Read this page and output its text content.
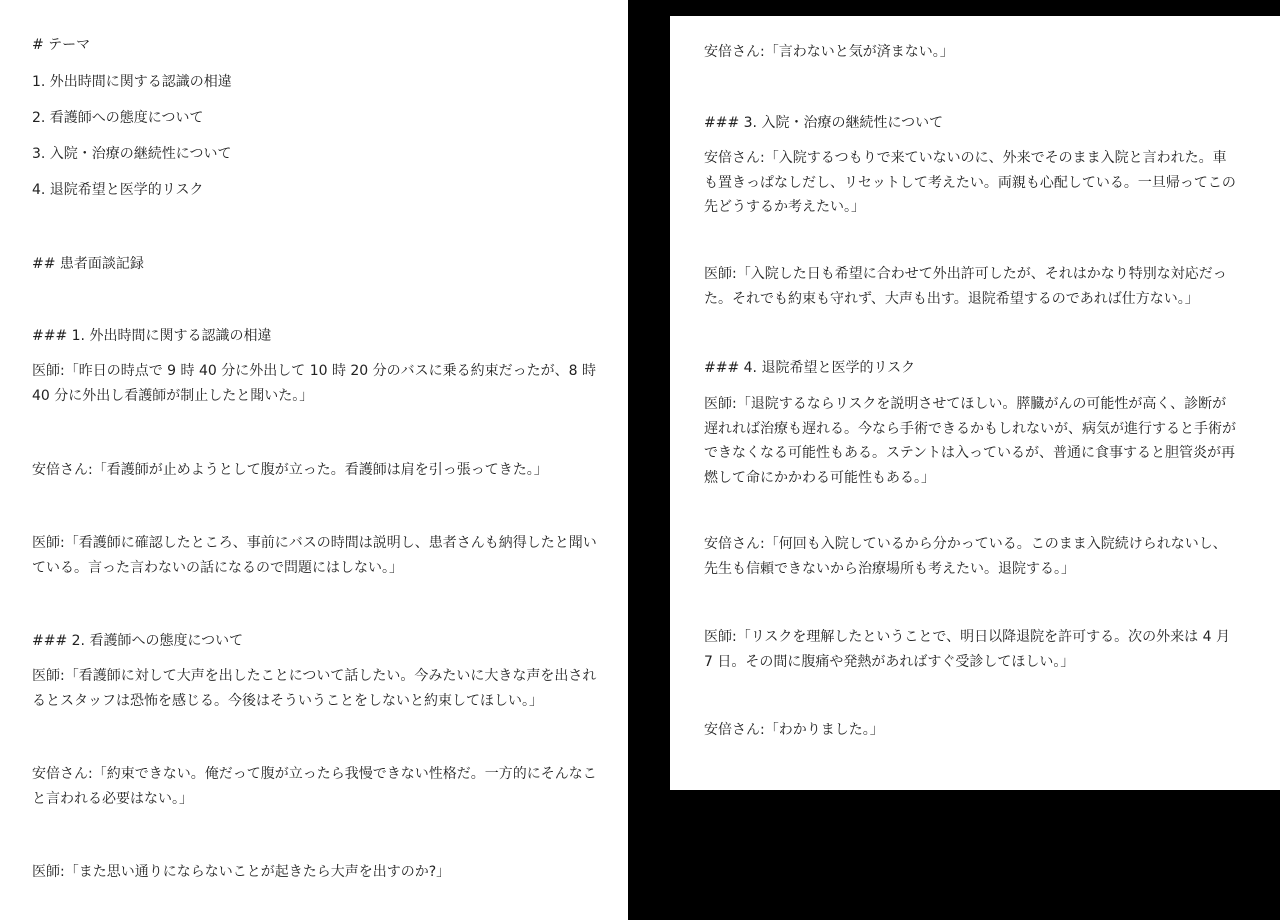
# テーマ

1. 外出時間に関する認識の相違

2. 看護師への態度について

3. 入院・治療の継続性について

4. 退院希望と医学的リスク

## 患者面談記録

### 1. 外出時間に関する認識の相違

医師:「昨日の時点で 9 時 40 分に外出して 10 時 20 分のバスに乗る約束だったが、8 時 40 分に外出し看護師が制止したと聞いた。」

安倍さん:「看護師が止めようとして腹が立った。看護師は肩を引っ張ってきた。」

医師:「看護師に確認したところ、事前にバスの時間は説明し、患者さんも納得したと聞いている。言った言わないの話になるので問題にはしない。」

### 2. 看護師への態度について

医師:「看護師に対して大声を出したことについて話したい。今みたいに大きな声を出されるとスタッフは恐怖を感じる。今後はそういうことをしないと約束してほしい。」

安倍さん:「約束できない。俺だって腹が立ったら我慢できない性格だ。一方的にそんなこと言われる必要はない。」

医師:「また思い通りにならないことが起きたら大声を出すのか?」

安倍さん:「言わないと気が済まない。」

### 3. 入院・治療の継続性について

安倍さん:「入院するつもりで来ていないのに、外来でそのまま入院と言われた。車も置きっぱなしだし、リセットして考えたい。両親も心配している。一旦帰ってこの先どうするか考えたい。」

医師:「入院した日も希望に合わせて外出許可したが、それはかなり特別な対応だった。それでも約束も守れず、大声も出す。退院希望するのであれば仕方ない。」

### 4. 退院希望と医学的リスク

医師:「退院するならリスクを説明させてほしい。膵臓がんの可能性が高く、診断が遅れれば治療も遅れる。今なら手術できるかもしれないが、病気が進行すると手術ができなくなる可能性もある。ステントは入っているが、普通に食事すると胆管炎が再燃して命にかかわる可能性もある。」

安倍さん:「何回も入院しているから分かっている。このまま入院続けられないし、先生も信頼できないから治療場所も考えたい。退院する。」

医師:「リスクを理解したということで、明日以降退院を許可する。次の外来は 4 月 7 日。その間に腹痛や発熱があればすぐ受診してほしい。」

安倍さん:「わかりました。」
